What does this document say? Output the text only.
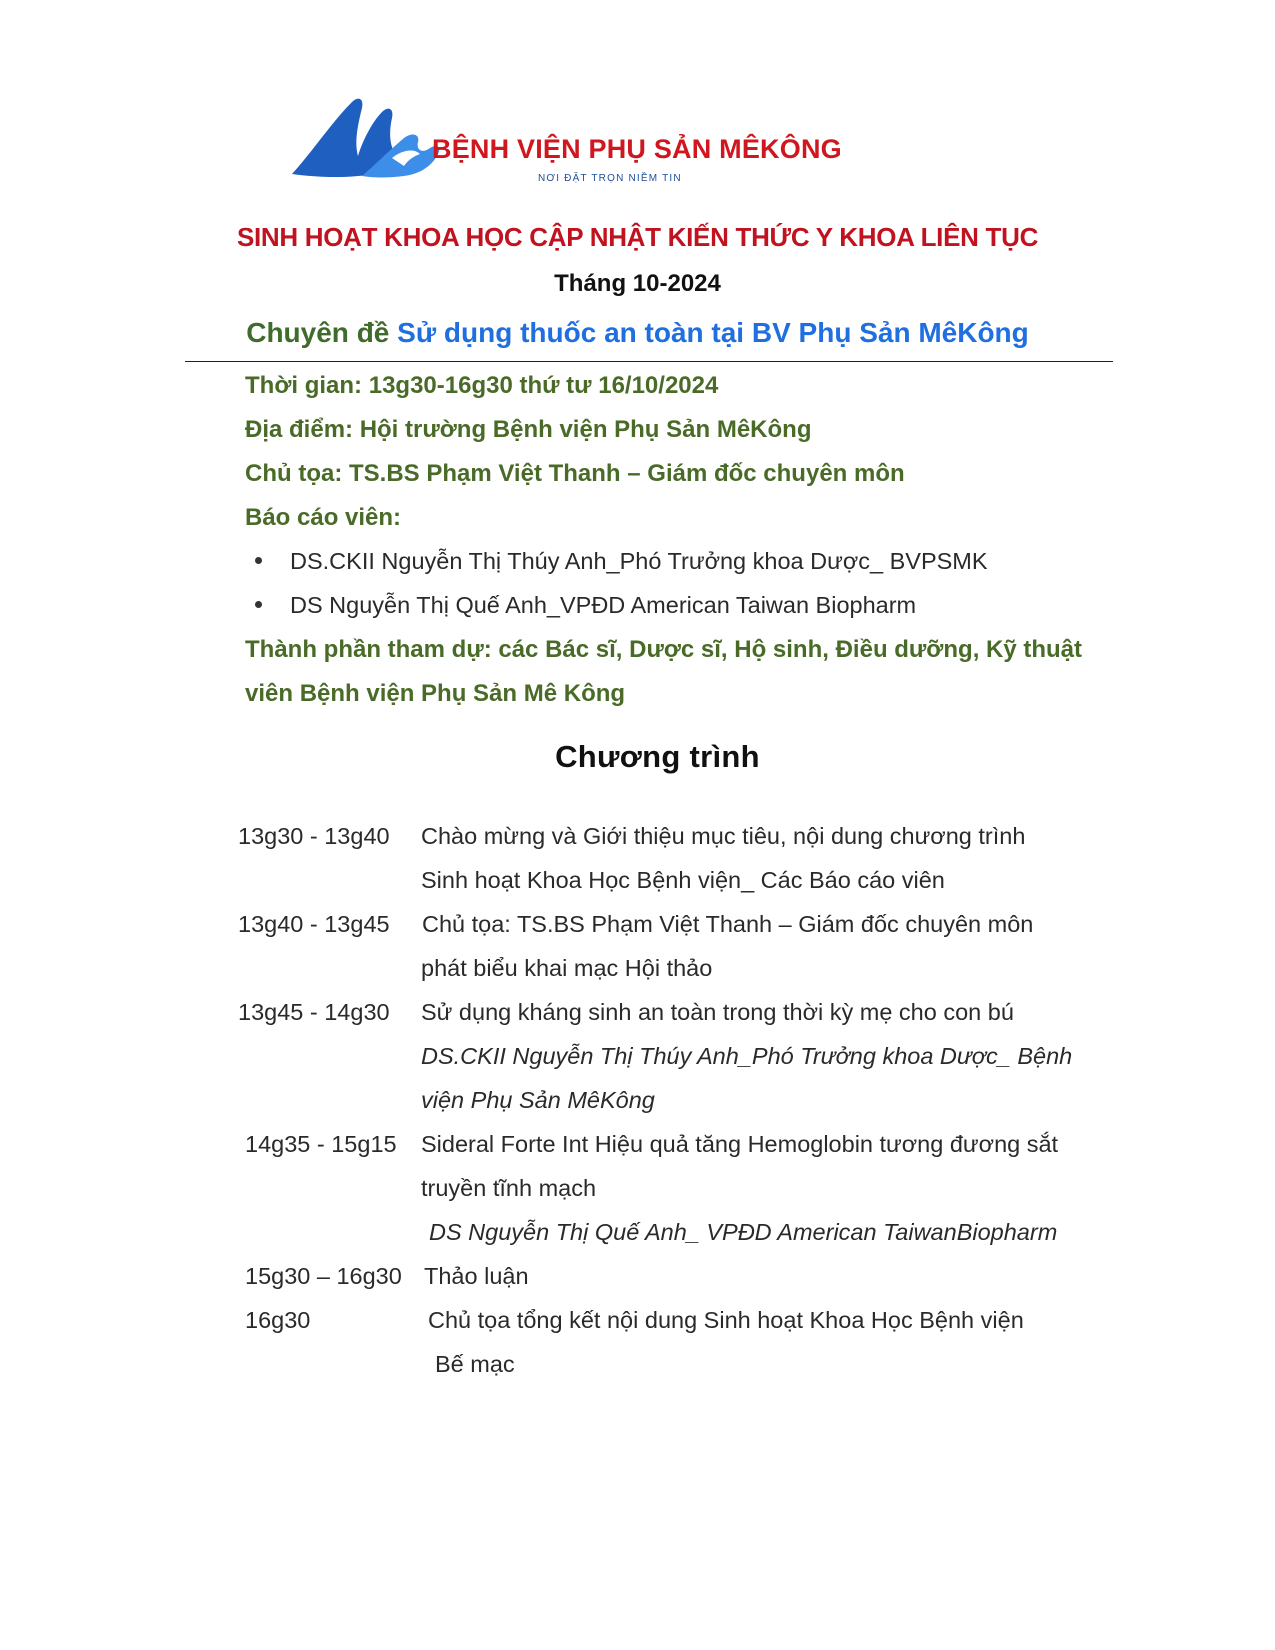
BỆNH VIỆN PHỤ SẢN MÊKÔNG
NƠI ĐẶT TRỌN NIỀM TIN
SINH HOẠT KHOA HỌC CẬP NHẬT KIẾN THỨC Y KHOA LIÊN TỤC
Tháng 10-2024
Chuyên đề Sử dụng thuốc an toàn tại BV Phụ Sản MêKông
Thời gian: 13g30-16g30 thứ tư 16/10/2024
Địa điểm: Hội trường Bệnh viện Phụ Sản MêKông
Chủ tọa: TS.BS Phạm Việt Thanh – Giám đốc chuyên môn
Báo cáo viên:
DS.CKII Nguyễn Thị Thúy Anh_Phó Trưởng khoa Dược_ BVPSMK
DS Nguyễn Thị Quế Anh_VPĐD American Taiwan Biopharm
Thành phần tham dự: các Bác sĩ, Dược sĩ, Hộ sinh, Điều dưỡng, Kỹ thuật
viên Bệnh viện Phụ Sản Mê Kông
Chương trình
13g30 - 13g40 Chào mừng và Giới thiệu mục tiêu, nội dung chương trình
Sinh hoạt Khoa Học Bệnh viện_ Các Báo cáo viên
13g40 - 13g45 Chủ tọa: TS.BS Phạm Việt Thanh – Giám đốc chuyên môn
phát biểu khai mạc Hội thảo
13g45 - 14g30 Sử dụng kháng sinh an toàn trong thời kỳ mẹ cho con bú
DS.CKII Nguyễn Thị Thúy Anh_Phó Trưởng khoa Dược_ Bệnh
viện Phụ Sản MêKông
14g35 - 15g15 Sideral Forte Int Hiệu quả tăng Hemoglobin tương đương sắt
truyền tĩnh mạch
DS Nguyễn Thị Quế Anh_ VPĐD American TaiwanBiopharm
15g30 – 16g30 Thảo luận
16g30	Chủ tọa tổng kết nội dung Sinh hoạt Khoa Học Bệnh viện
Bế mạc
